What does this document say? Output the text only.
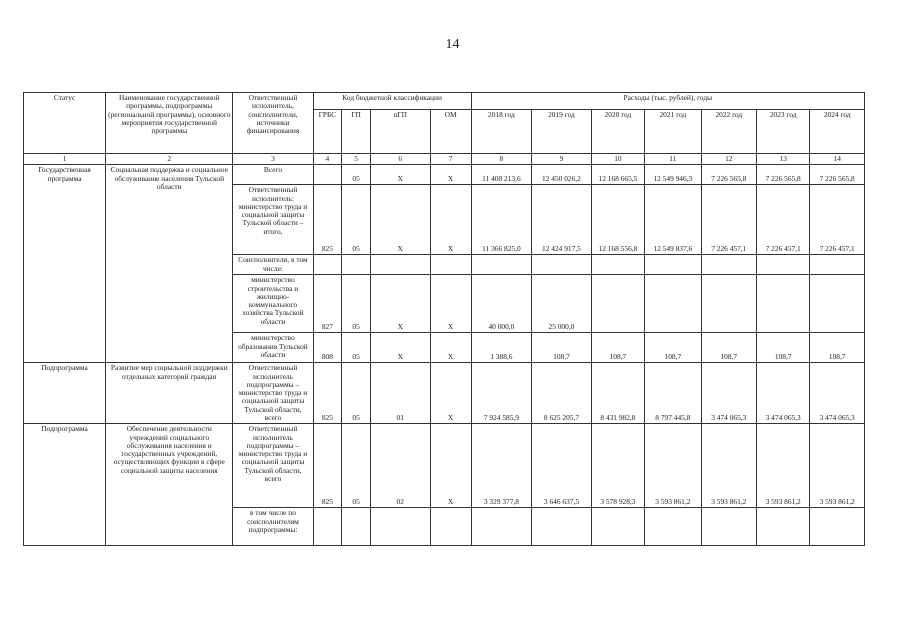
14
Статус	Наименование государственной программы, подпрограммы (региональной программы), основного мероприятия государственной программы	Ответственный исполнитель, соисполнители, источники финансирования	Код бюджетной классификации				Расходы (тыс. рублей), годы						
			ГРБС	ГП	пГП	ОМ	2018 год	2019 год	2020 год	2021 год	2022 год	2023 год	2024 год
1	2	3	4	5	6	7	8	9	10	11	12	13	14
Государственная программа	Социальная поддержка и социальное обслуживание населения Тульской области	Всего		05	Х	Х	11 408 213,6	12 450 026,2	12 168 665,5	12 549 946,3	7 226 565,8	7 226 565,8	7 226 565,8
		Ответственный исполнитель: министерство труда и социальной защиты Тульской области – итого,	825	05	Х	Х	11 366 825,0	12 424 917,5	12 168 556,8	12 549 837,6	7 226 457,1	7 226 457,1	7 226 457,1
		Соисполнители, в том числе:											
		министерство строительства и жилищно-коммунального хозяйства Тульской области	827	05	Х	Х	40 000,0	25 000,0					
		министерство образования Тульской области	808	05	Х	Х	1 388,6	108,7	108,7	108,7	108,7	108,7	108,7
Подпрограмма	Развитие мер социальной поддержки отдельных категорий граждан	Ответственный исполнитель подпрограммы – министерство труда и социальной защиты Тульской области, всего	825	05	01	Х	7 924 585,9	8 625 205,7	8 431 982,8	8 797 445,8	3 474 065,3	3 474 065,3	3 474 065,3
Подпрограмма	Обеспечение деятельности учреждений социального обслуживания населения и государственных учреждений, осуществляющих функции в сфере социальной защиты населения	Ответственный исполнитель подпрограммы – министерство труда и социальной защиты Тульской области, всего	825	05	02	Х	3 329 377,8	3 646 637,5	3 578 928,3	3 593 861,2	3 593 861,2	3 593 861,2	3 593 861,2
		в том числе по соисполнителям подпрограммы:											
